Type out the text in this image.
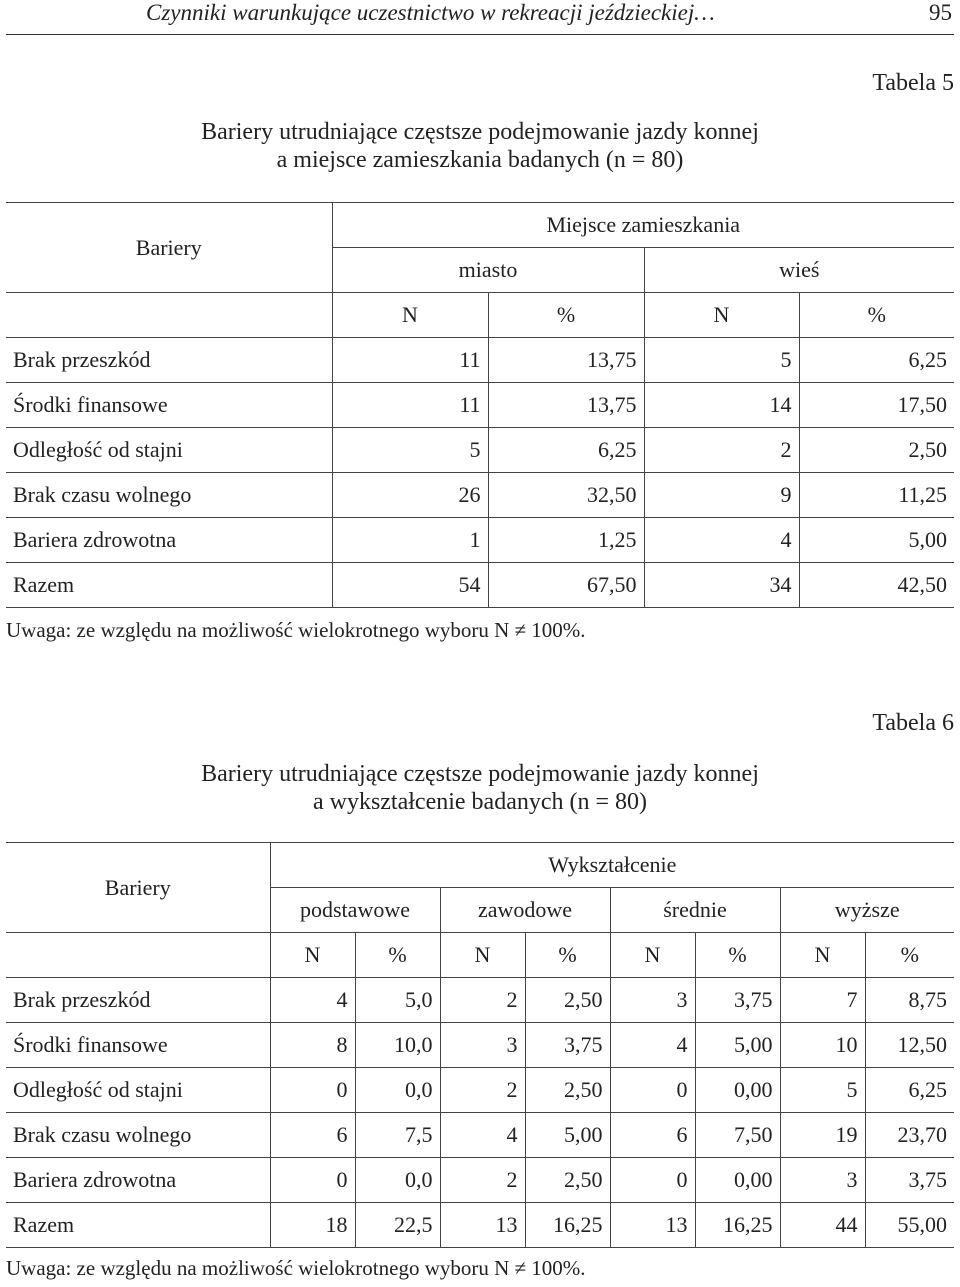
Czynniki warunkujące uczestnictwo w rekreacji jeździeckiej…	95
Tabela 5
Bariery utrudniające częstsze podejmowanie jazdy konnej
a miejsce zamieszkania badanych (n = 80)
Bariery	Miejsce zamieszkania			
	miasto		wieś	
	N	%	N	%
Brak przeszkód	11	13,75	5	6,25
Środki finansowe	11	13,75	14	17,50
Odległość od stajni	5	6,25	2	2,50
Brak czasu wolnego	26	32,50	9	11,25
Bariera zdrowotna	1	1,25	4	5,00
Razem	54	67,50	34	42,50
Uwaga: ze względu na możliwość wielokrotnego wyboru N ≠ 100%.
Tabela 6
Bariery utrudniające częstsze podejmowanie jazdy konnej
a wykształcenie badanych (n = 80)
Bariery	Wykształcenie							
	podstawowe		zawodowe		średnie		wyższe	
	N	%	N	%	N	%	N	%
Brak przeszkód	4	5,0	2	2,50	3	3,75	7	8,75
Środki finansowe	8	10,0	3	3,75	4	5,00	10	12,50
Odległość od stajni	0	0,0	2	2,50	0	0,00	5	6,25
Brak czasu wolnego	6	7,5	4	5,00	6	7,50	19	23,70
Bariera zdrowotna	0	0,0	2	2,50	0	0,00	3	3,75
Razem	18	22,5	13	16,25	13	16,25	44	55,00
Uwaga: ze względu na możliwość wielokrotnego wyboru N ≠ 100%.
